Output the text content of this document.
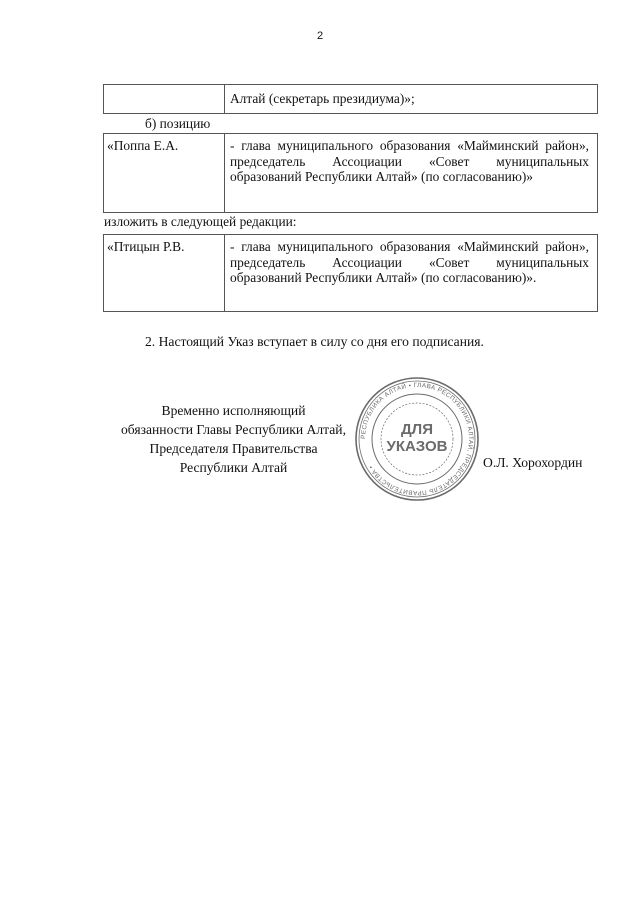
2
Алтай (секретарь президиума)»;
б) позицию
«Поппа Е.А.	- глава муниципального образования «Майминский район», председатель Ассоциации «Совет муниципальных образований Республики Алтай» (по согласованию)»
изложить в следующей редакции:
«Птицын Р.В.	- глава муниципального образования «Майминский район», председатель Ассоциации «Совет муниципальных образований Республики Алтай» (по согласованию)».
2. Настоящий Указ вступает в силу со дня его подписания.
Временно исполняющий
обязанности Главы Республики Алтай,
Председателя Правительства
Республики Алтай
РЕСПУБЛИКА АЛТАЙ • ГЛАВА РЕСПУБЛИКИ АЛТАЙ, ПРЕДСЕДАТЕЛЬ ПРАВИТЕЛЬСТВА •
ДЛЯ
УКАЗОВ
О.Л. Хорохордин
